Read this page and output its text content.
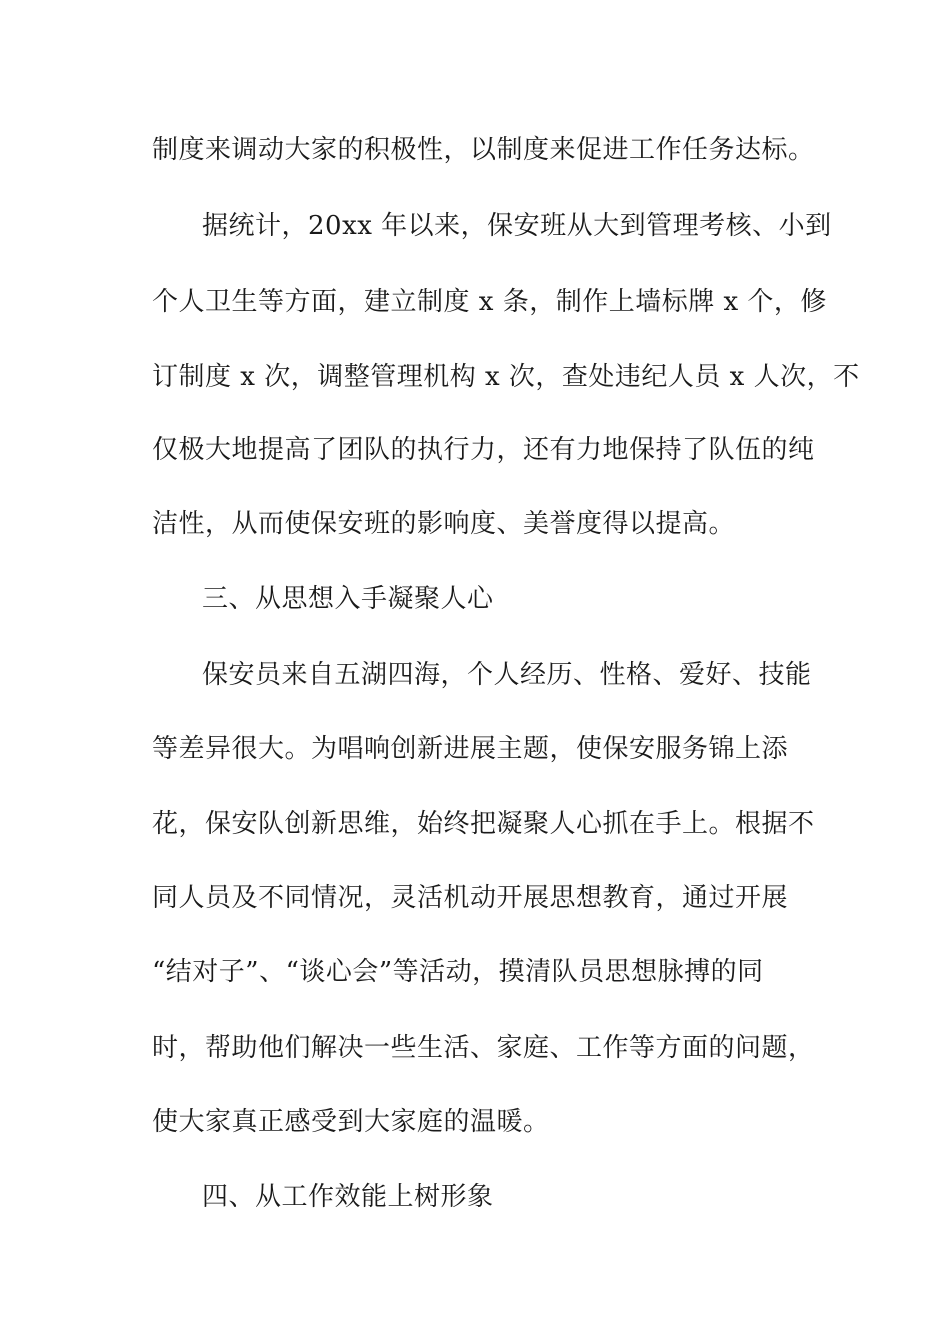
制度来调动大家的积极性，以制度来促进工作任务达标。
据统计，20xx 年以来，保安班从大到管理考核、小到
个人卫生等方面，建立制度 x 条，制作上墙标牌 x 个，修
订制度 x 次，调整管理机构 x 次，查处违纪人员 x 人次，不
仅极大地提高了团队的执行力，还有力地保持了队伍的纯
洁性，从而使保安班的影响度、美誉度得以提高。
三、从思想入手凝聚人心
保安员来自五湖四海，个人经历、性格、爱好、技能
等差异很大。为唱响创新进展主题，使保安服务锦上添
花，保安队创新思维，始终把凝聚人心抓在手上。根据不
同人员及不同情况，灵活机动开展思想教育，通过开展
“结对子”、“谈心会”等活动，摸清队员思想脉搏的同
时，帮助他们解决一些生活、家庭、工作等方面的问题，
使大家真正感受到大家庭的温暖。
四、从工作效能上树形象
